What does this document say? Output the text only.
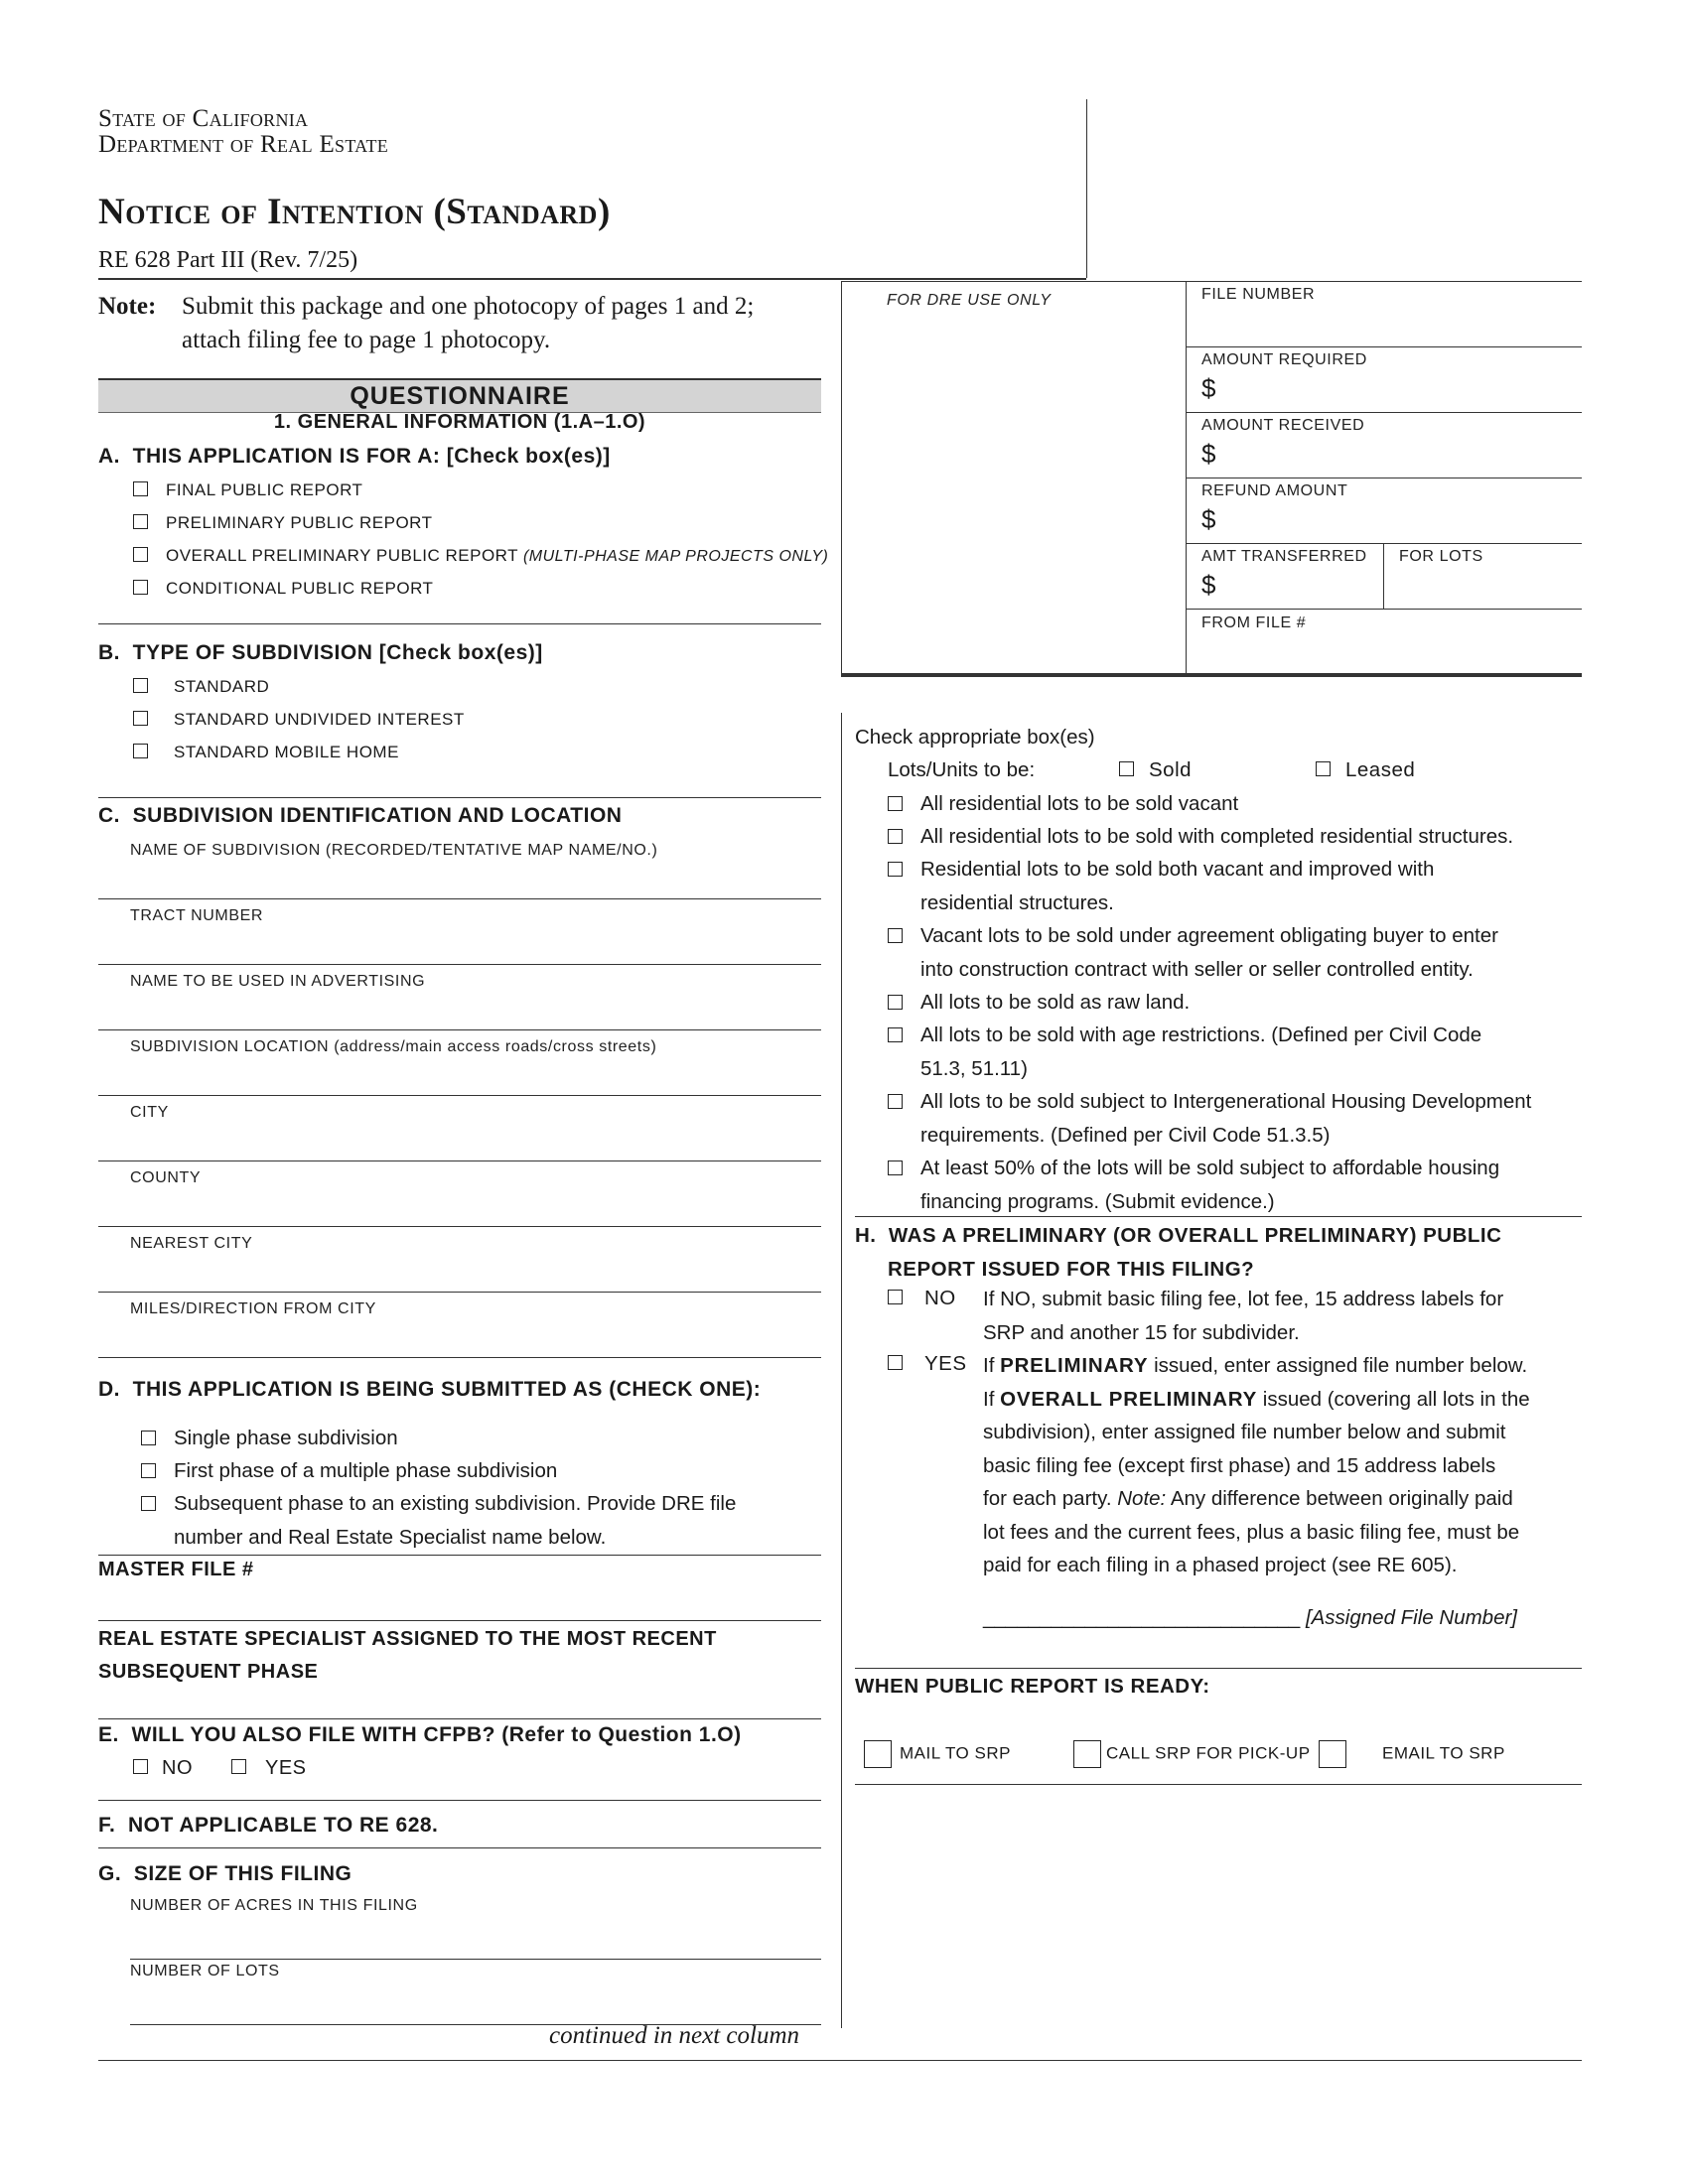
State of California
Department of Real Estate
Notice of Intention (Standard)
RE 628 Part III (Rev. 7/25)
Note: Submit this package and one photocopy of pages 1 and 2;
attach filing fee to page 1 photocopy.
FOR DRE USE ONLY	FILE NUMBER
AMOUNT REQUIRED
$
AMOUNT RECEIVED
$
REFUND AMOUNT
$
AMT TRANSFERRED
$
FOR LOTS
FROM FILE #
QUESTIONNAIRE
1. GENERAL INFORMATION (1.A–1.O)
A.  THIS APPLICATION IS FOR A: [Check box(es)]
FINAL PUBLIC REPORT
PRELIMINARY PUBLIC REPORT
OVERALL PRELIMINARY PUBLIC REPORT (MULTI-PHASE MAP PROJECTS ONLY)
CONDITIONAL PUBLIC REPORT
B.  TYPE OF SUBDIVISION [Check box(es)]
STANDARD
STANDARD UNDIVIDED INTEREST
STANDARD MOBILE HOME
C.  SUBDIVISION IDENTIFICATION AND LOCATION
NAME OF SUBDIVISION (RECORDED/TENTATIVE MAP NAME/NO.)
TRACT NUMBER
NAME TO BE USED IN ADVERTISING
SUBDIVISION LOCATION (address/main access roads/cross streets)
CITY
COUNTY
NEAREST CITY
MILES/DIRECTION FROM CITY
D.  THIS APPLICATION IS BEING SUBMITTED AS (CHECK ONE):
Single phase subdivision
First phase of a multiple phase subdivision
Subsequent phase to an existing subdivision. Provide DRE file
number and Real Estate Specialist name below.
MASTER FILE #
REAL ESTATE SPECIALIST ASSIGNED TO THE MOST RECENT
SUBSEQUENT PHASE
E.  WILL YOU ALSO FILE WITH CFPB? (Refer to Question 1.O)
NO	YES
F.  NOT APPLICABLE TO RE 628.
G.  SIZE OF THIS FILING
NUMBER OF ACRES IN THIS FILING
NUMBER OF LOTS
continued in next column
Check appropriate box(es)
Lots/Units to be:	Sold	Leased
All residential lots to be sold vacant
All residential lots to be sold with completed residential structures.
Residential lots to be sold both vacant and improved with
residential structures.
Vacant lots to be sold under agreement obligating buyer to enter
into construction contract with seller or seller controlled entity.
All lots to be sold as raw land.
All lots to be sold with age restrictions. (Defined per Civil Code
51.3, 51.11)
All lots to be sold subject to Intergenerational Housing Development
requirements. (Defined per Civil Code 51.3.5)
At least 50% of the lots will be sold subject to affordable housing
financing programs. (Submit evidence.)
H.  WAS A PRELIMINARY (OR OVERALL PRELIMINARY) PUBLIC
REPORT ISSUED FOR THIS FILING?
NO If NO, submit basic filing fee, lot fee, 15 address labels for
SRP and another 15 for subdivider.
YES If PRELIMINARY issued, enter assigned file number below.
If OVERALL PRELIMINARY issued (covering all lots in the
subdivision), enter assigned file number below and submit
basic filing fee (except first phase) and 15 address labels
for each party. Note: Any difference between originally paid
lot fees and the current fees, plus a basic filing fee, must be
paid for each filing in a phased project (see RE 605).
____________________________ [Assigned File Number]
WHEN PUBLIC REPORT IS READY:
MAIL TO SRP	CALL SRP FOR PICK-UP	EMAIL TO SRP
